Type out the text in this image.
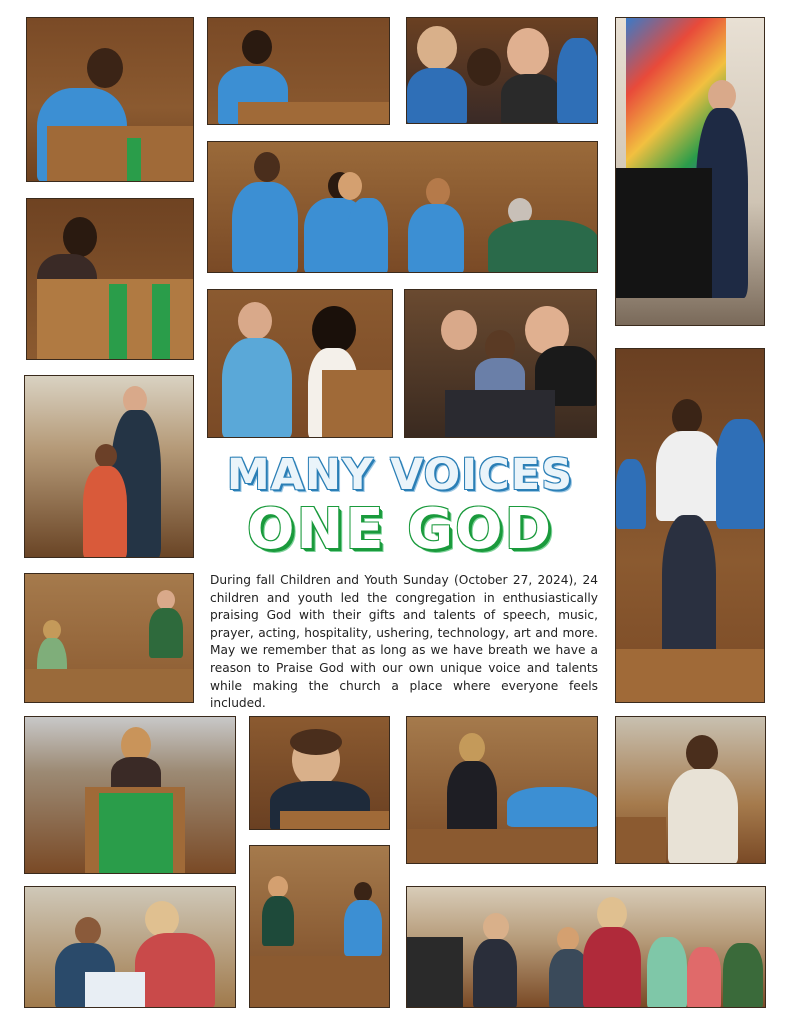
MANY VOICES
ONE GOD

During fall Children and Youth Sunday (October 27, 2024), 24 children and youth led the congregation in enthusiastically praising God with their gifts and talents of speech, music, prayer, acting, hospitality, ushering, technology, art and more. May we remember that as long as we have breath we have a reason to Praise God with our own unique voice and talents while making the church a place where everyone feels included.
